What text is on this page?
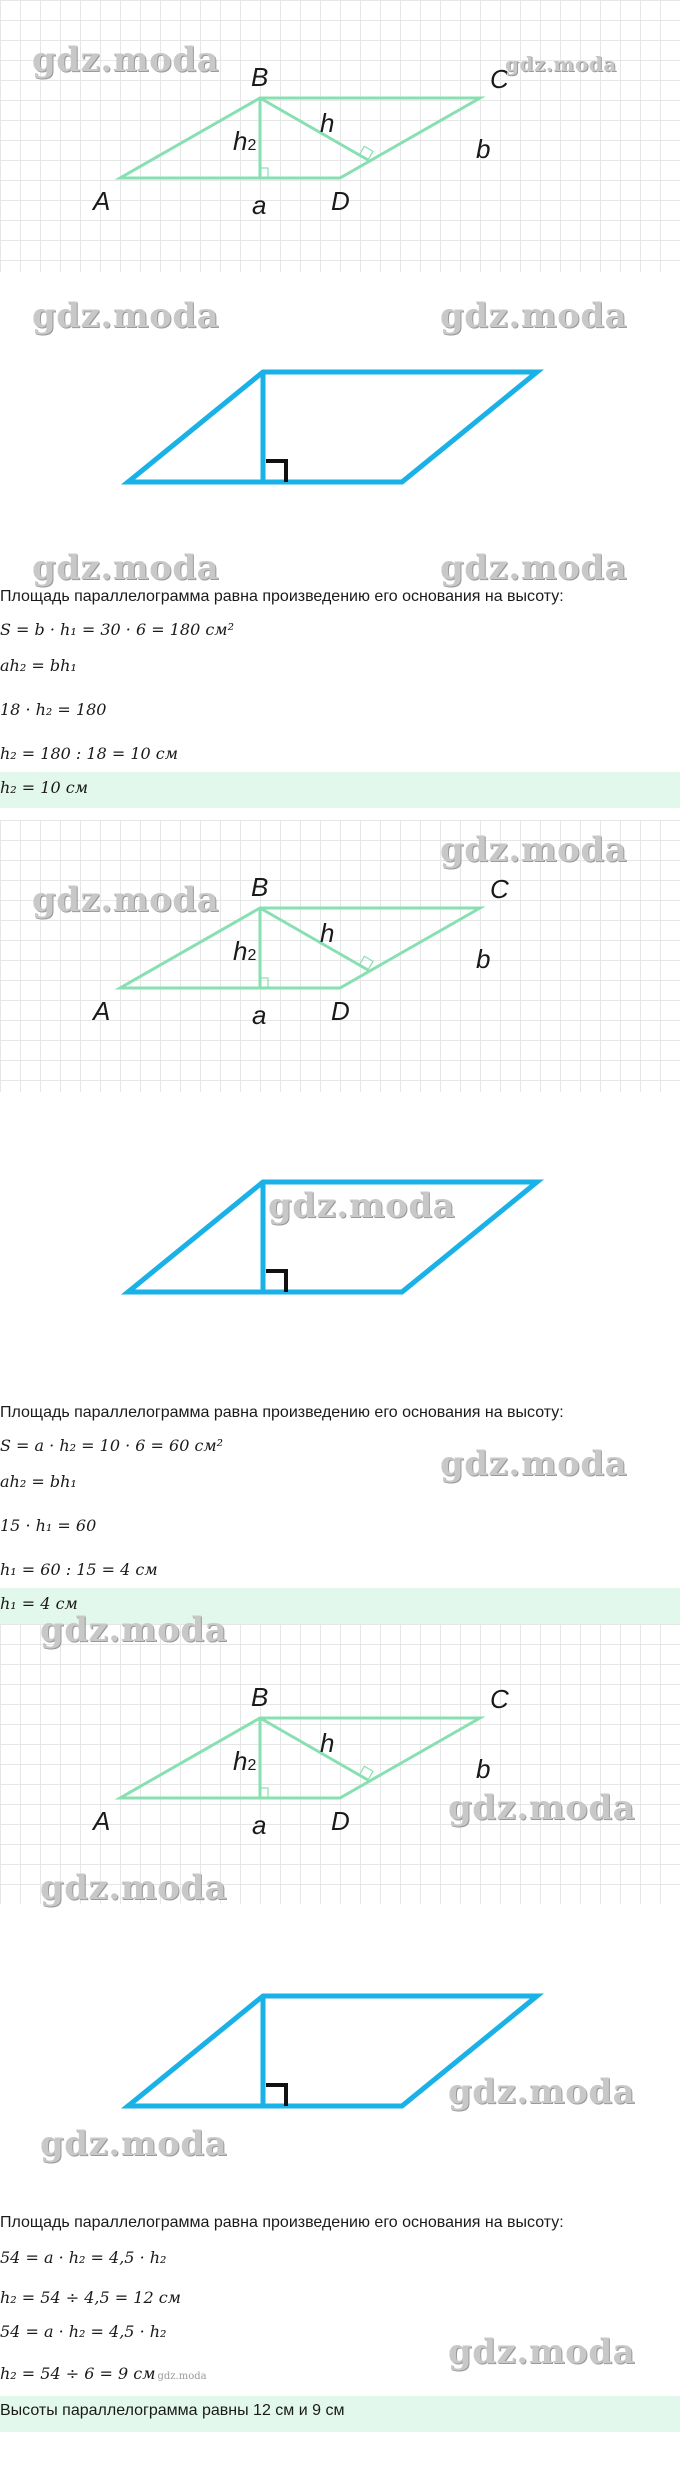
A
B	C
D
h2
h
a
b
gdz.moda	gdz.moda
gdz.moda	gdz.moda
gdz.moda	gdz.moda
Площадь параллелограмма равна произведению его основания на высоту:
S = b · h₁ = 30 · 6 = 180 см²
ah₂ = bh₁
18 · h₂ = 180
h₂ = 180 : 18 = 10 см
h₂ = 10 см
gdz.moda
A
B	C
D
h2
h
a
b
gdz.moda
gdz.moda
Площадь параллелограмма равна произведению его основания на высоту:
S = a · h₂ = 10 · 6 = 60 см²	gdz.moda
ah₂ = bh₁
15 · h₁ = 60
h₁ = 60 : 15 = 4 см
h₁ = 4 см
gdz.moda
A
B	C
D
h2
h
a
b
gdz.moda
gdz.moda
gdz.moda
gdz.moda
Площадь параллелограмма равна произведению его основания на высоту:
54 = a · h₂ = 4,5 · h₂
h₂ = 54 ÷ 4,5 = 12 см
54 = a · h₂ = 4,5 · h₂
gdz.moda
h₂ = 54 ÷ 6 = 9 см gdz.moda
Высоты параллелограмма равны 12 см и 9 см
